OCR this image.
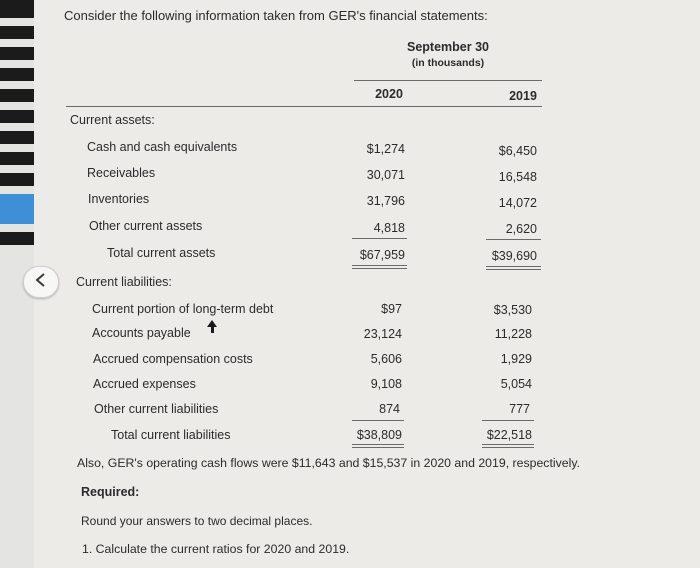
Consider the following information taken from GER's financial statements:
September 30
(in thousands)
2020	2019
Current assets:
Cash and cash equivalents	$1,274	$6,450
Receivables	30,071	16,548
Inventories	31,796	14,072
Other current assets	4,818	2,620
Total current assets	$67,959	$39,690
Current liabilities:
Current portion of long-term debt	$97	$3,530
Accounts payable	23,124	11,228
Accrued compensation costs	5,606	1,929
Accrued expenses	9,108	5,054
Other current liabilities	874	777
Total current liabilities	$38,809	$22,518
Also, GER's operating cash flows were $11,643 and $15,537 in 2020 and 2019, respectively.
Required:
Round your answers to two decimal places.
1. Calculate the current ratios for 2020 and 2019.
